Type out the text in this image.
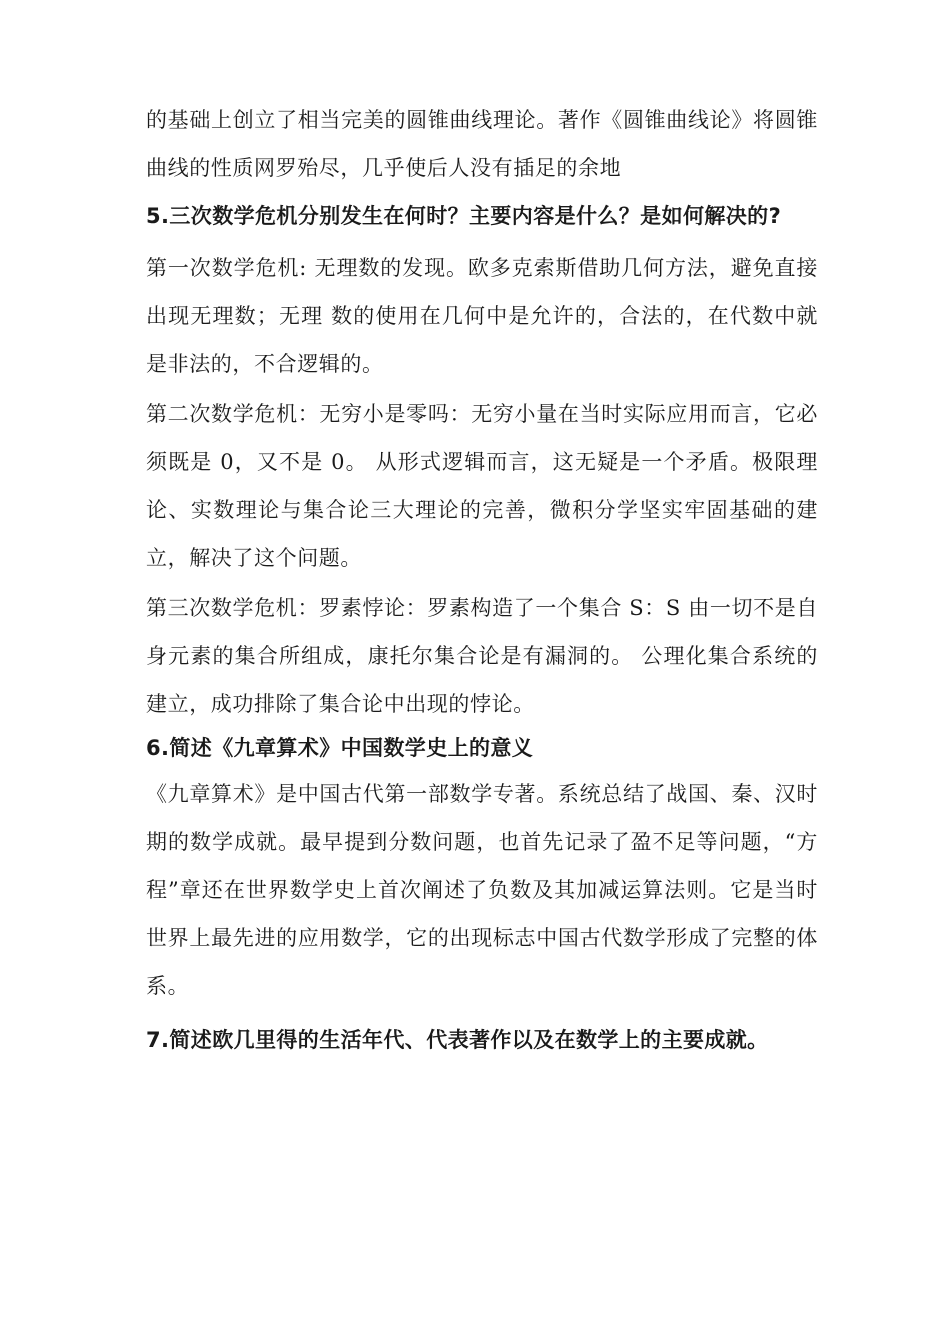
的基础上创立了相当完美的圆锥曲线理论。著作《圆锥曲线论》将圆锥曲线的性质网罗殆尽，几乎使后人没有插足的余地

5.三次数学危机分别发生在何时？主要内容是什么？是如何解决的?

第一次数学危机: 无理数的发现。欧多克索斯借助几何方法，避免直接出现无理数；无理 数的使用在几何中是允许的，合法的，在代数中就是非法的，不合逻辑的。

第二次数学危机：无穷小是零吗：无穷小量在当时实际应用而言，它必须既是 0，又不是 0。 从形式逻辑而言，这无疑是一个矛盾。极限理论、实数理论与集合论三大理论的完善，微积分学坚实牢固基础的建立，解决了这个问题。

第三次数学危机：罗素悖论：罗素构造了一个集合 S：S 由一切不是自身元素的集合所组成，康托尔集合论是有漏洞的。 公理化集合系统的建立，成功排除了集合论中出现的悖论。

6.简述《九章算术》中国数学史上的意义

《九章算术》是中国古代第一部数学专著。系统总结了战国、秦、汉时期的数学成就。最早提到分数问题，也首先记录了盈不足等问题，“方程”章还在世界数学史上首次阐述了负数及其加减运算法则。它是当时世界上最先进的应用数学，它的出现标志中国古代数学形成了完整的体系。

7.简述欧几里得的生活年代、代表著作以及在数学上的主要成就。
